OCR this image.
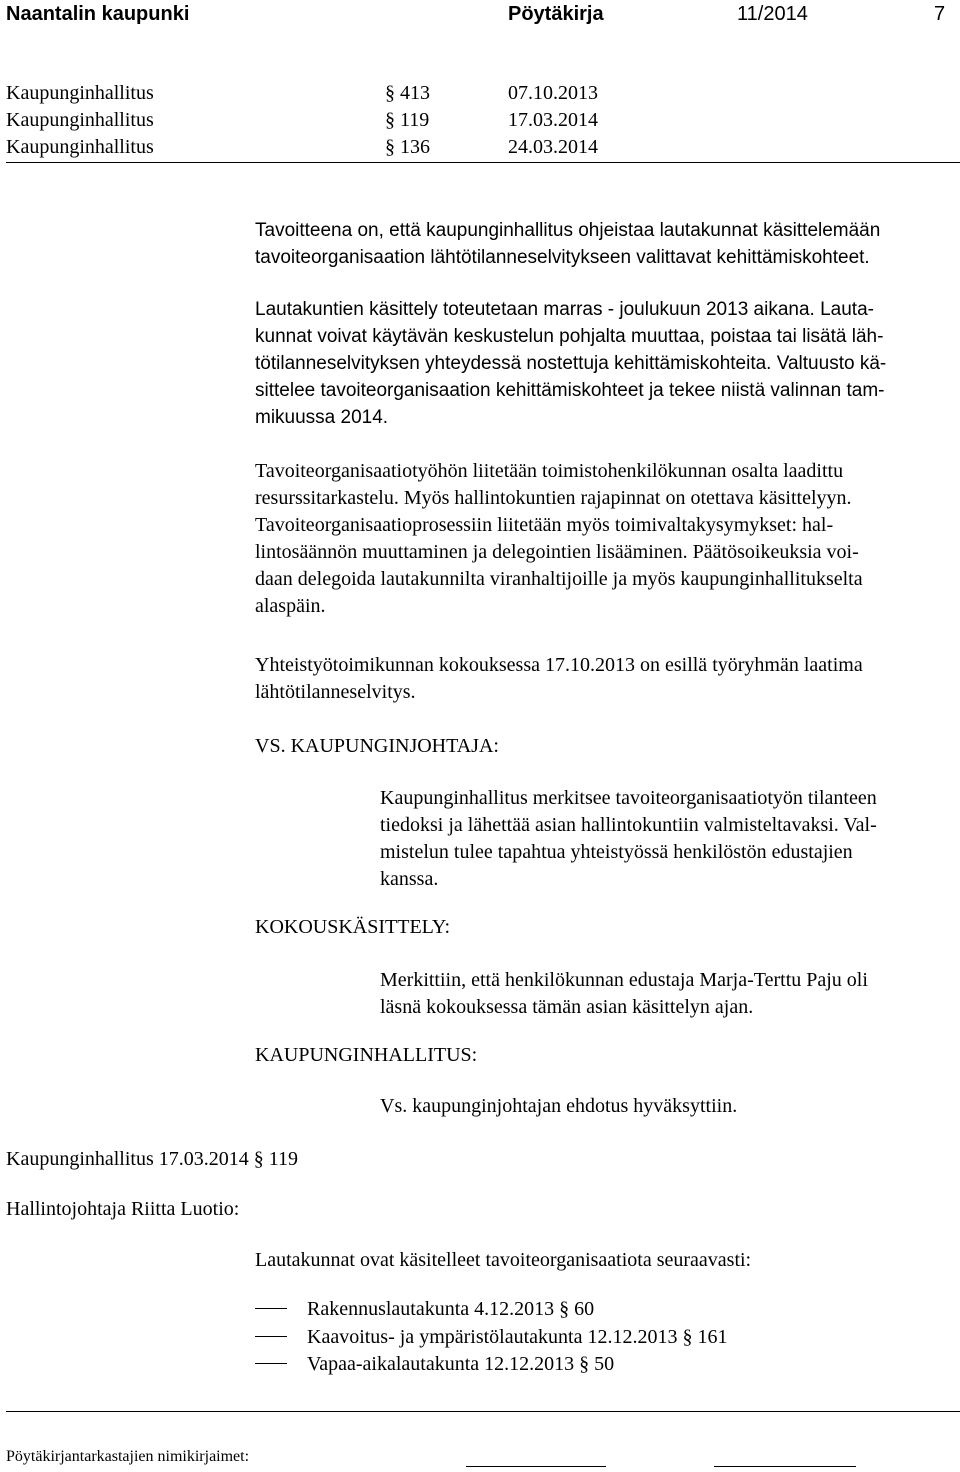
Naantalin kaupunki	Pöytäkirja	11/2014	7
Kaupunginhallitus	§ 413	07.10.2013
Kaupunginhallitus	§ 119	17.03.2014
Kaupunginhallitus	§ 136	24.03.2014

Tavoitteena on, että kaupunginhallitus ohjeistaa lautakunnat käsittelemään

tavoiteorganisaation lähtötilanneselvitykseen valittavat kehittämiskohteet.

Lautakuntien käsittely toteutetaan marras - joulukuun 2013 aikana. Lauta-

kunnat voivat käytävän keskustelun pohjalta muuttaa, poistaa tai lisätä läh-

tötilanneselvityksen yhteydessä nostettuja kehittämiskohteita. Valtuusto kä-

sittelee tavoiteorganisaation kehittämiskohteet ja tekee niistä valinnan tam-

mikuussa 2014.

Tavoiteorganisaatiotyöhön liitetään toimistohenkilökunnan osalta laadittu

resurssitarkastelu. Myös hallintokuntien rajapinnat on otettava käsittelyyn.

Tavoiteorganisaatioprosessiin liitetään myös toimivaltakysymykset: hal-

lintosäännön muuttaminen ja delegointien lisääminen. Päätösoikeuksia voi-

daan delegoida lautakunnilta viranhaltijoille ja myös kaupunginhallitukselta

alaspäin.

Yhteistyötoimikunnan kokouksessa 17.10.2013 on esillä työryhmän laatima

lähtötilanneselvitys.

VS. KAUPUNGINJOHTAJA:

Kaupunginhallitus merkitsee tavoiteorganisaatiotyön tilanteen

tiedoksi ja lähettää asian hallintokuntiin valmisteltavaksi. Val-

mistelun tulee tapahtua yhteistyössä henkilöstön edustajien

kanssa.

KOKOUSKÄSITTELY:

Merkittiin, että henkilökunnan edustaja Marja-Terttu Paju oli

läsnä kokouksessa tämän asian käsittelyn ajan.

KAUPUNGINHALLITUS:
Vs. kaupunginjohtajan ehdotus hyväksyttiin.
Kaupunginhallitus 17.03.2014 § 119
Hallintojohtaja Riitta Luotio:
Lautakunnat ovat käsitelleet tavoiteorganisaatiota seuraavasti:
Rakennuslautakunta 4.12.2013 § 60
Kaavoitus- ja ympäristölautakunta 12.12.2013 § 161
Vapaa-aikalautakunta 12.12.2013 § 50
Pöytäkirjantarkastajien nimikirjaimet:
